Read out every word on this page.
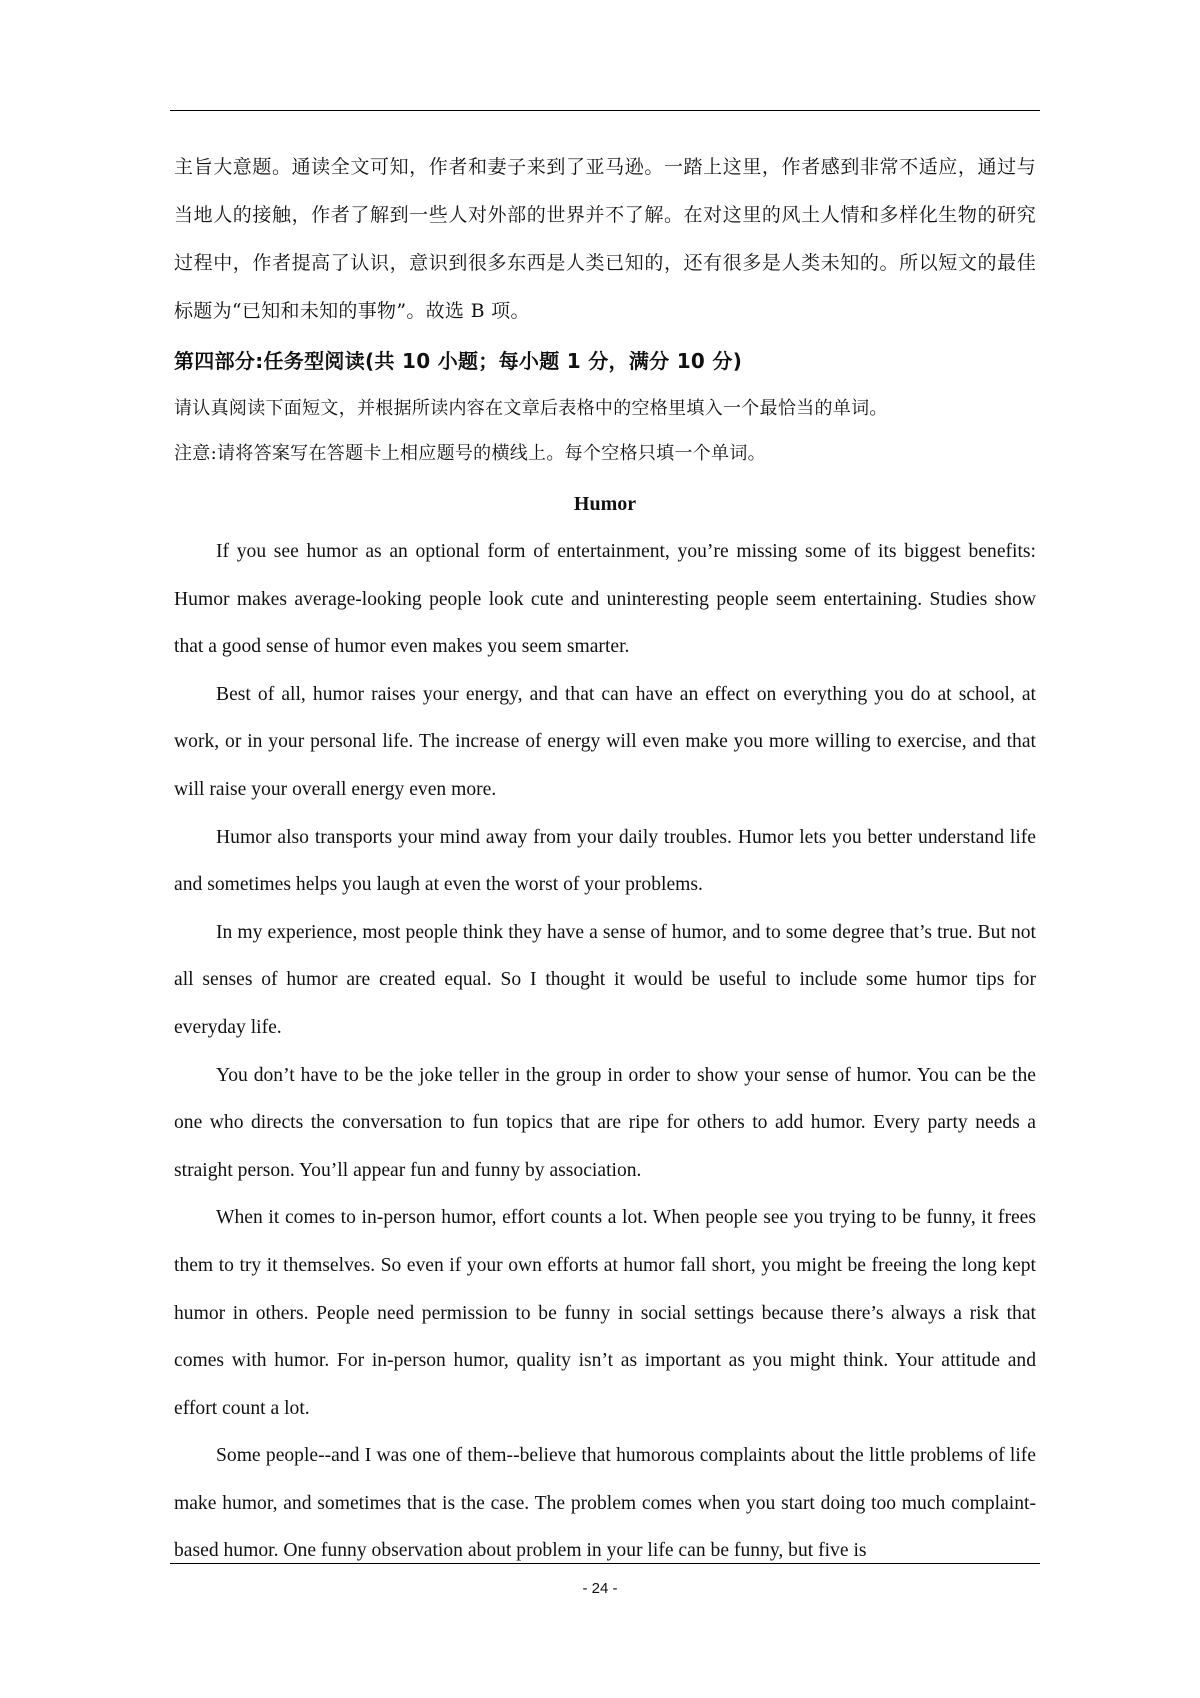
主旨大意题。通读全文可知，作者和妻子来到了亚马逊。一踏上这里，作者感到非常不适应，通过与当地人的接触，作者了解到一些人对外部的世界并不了解。在对这里的风土人情和多样化生物的研究过程中，作者提高了认识，意识到很多东西是人类已知的，还有很多是人类未知的。所以短文的最佳标题为“已知和未知的事物”。故选 B 项。
第四部分:任务型阅读(共 10 小题；每小题 1 分，满分 10 分)
请认真阅读下面短文，并根据所读内容在文章后表格中的空格里填入一个最恰当的单词。
注意:请将答案写在答题卡上相应题号的横线上。每个空格只填一个单词。
Humor

If you see humor as an optional form of entertainment, you’re missing some of its biggest benefits: Humor makes average-looking people look cute and uninteresting people seem entertaining. Studies show that a good sense of humor even makes you seem smarter.

Best of all, humor raises your energy, and that can have an effect on everything you do at school, at work, or in your personal life. The increase of energy will even make you more willing to exercise, and that will raise your overall energy even more.

Humor also transports your mind away from your daily troubles. Humor lets you better understand life and sometimes helps you laugh at even the worst of your problems.

In my experience, most people think they have a sense of humor, and to some degree that’s true. But not all senses of humor are created equal. So I thought it would be useful to include some humor tips for everyday life.

You don’t have to be the joke teller in the group in order to show your sense of humor. You can be the one who directs the conversation to fun topics that are ripe for others to add humor. Every party needs a straight person. You’ll appear fun and funny by association.

When it comes to in-person humor, effort counts a lot. When people see you trying to be funny, it frees them to try it themselves. So even if your own efforts at humor fall short, you might be freeing the long kept humor in others. People need permission to be funny in social settings because there’s always a risk that comes with humor. For in-person humor, quality isn’t as important as you might think. Your attitude and effort count a lot.

Some people--and I was one of them--believe that humorous complaints about the little problems of life make humor, and sometimes that is the case. The problem comes when you start doing too much complaint-based humor. One funny observation about problem in your life can be funny, but five is

- 24 -
